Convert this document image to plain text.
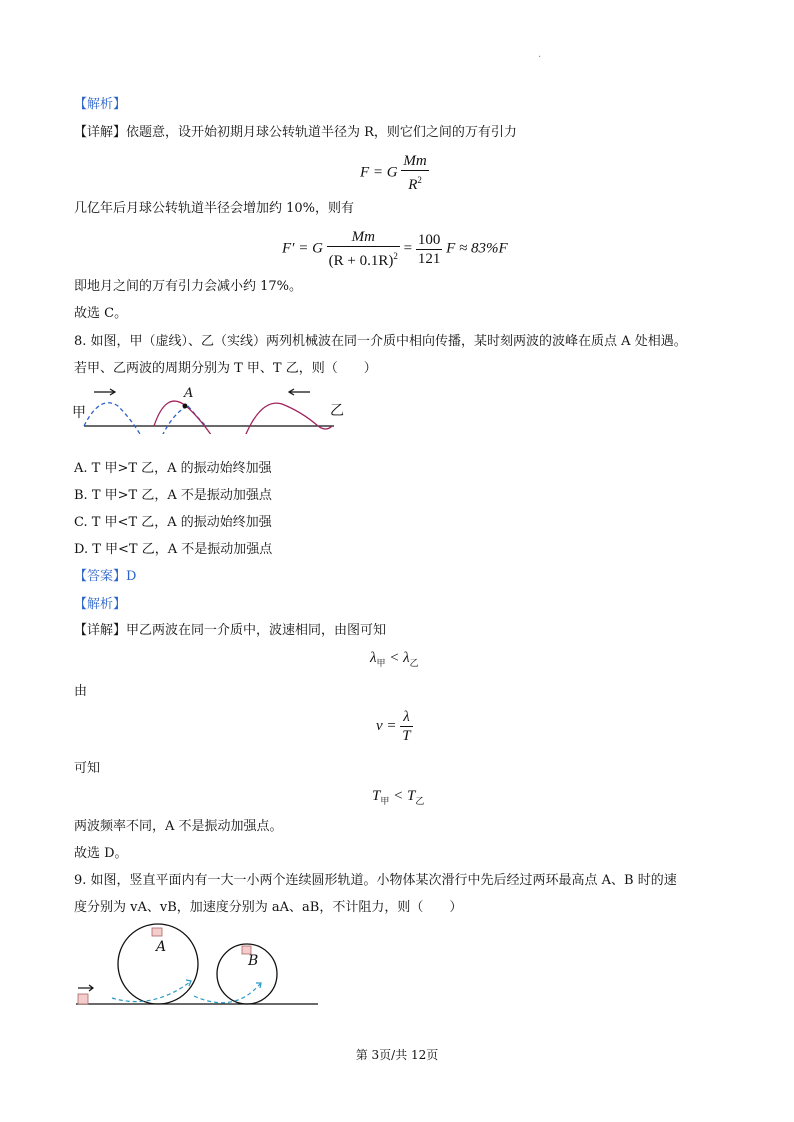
·
【解析】
【详解】依题意，设开始初期月球公转轨道半径为 R，则它们之间的万有引力
F = G $\frac{Mm}{R^2}$
几亿年后月球公转轨道半径会增加约 10%，则有
F′ = G $\frac{Mm}{(R + 0.1R)^2} = \frac{100}{121}$ F ≈ 83%F
即地月之间的万有引力会减小约 17%。
故选 C。
8. 如图，甲（虚线）、乙（实线）两列机械波在同一介质中相向传播，某时刻两波的波峰在质点 A 处相遇。
若甲、乙两波的周期分别为 T 甲、T 乙，则（　　）
甲	乙
A
A. T 甲>T 乙，A 的振动始终加强
B. T 甲>T 乙，A 不是振动加强点
C. T 甲<T 乙，A 的振动始终加强
D. T 甲<T 乙，A 不是振动加强点
【答案】D
【解析】
【详解】甲乙两波在同一介质中，波速相同，由图可知
$\lambda_甲 < \lambda_乙$
由
$v = \frac{\lambda}{T}$
可知
$T_甲 < T_乙$
两波频率不同，A 不是振动加强点。
故选 D。
9. 如图，竖直平面内有一大一小两个连续圆形轨道。小物体某次滑行中先后经过两环最高点 A、B 时的速
度分别为 vA、vB，加速度分别为 aA、aB，不计阻力，则（　　）
A
B
第 3页/共 12页
